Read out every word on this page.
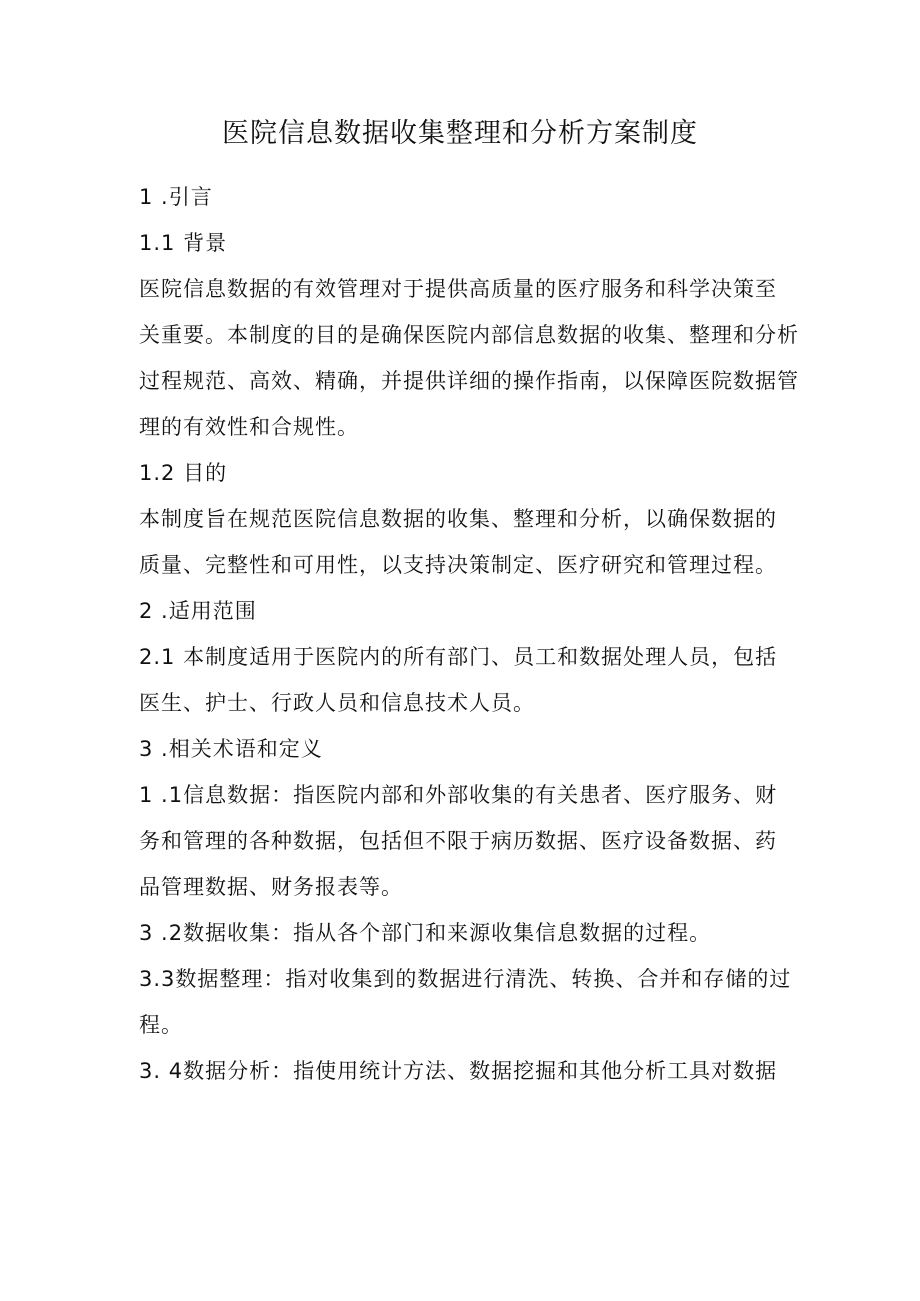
医院信息数据收集整理和分析方案制度
1 .引言
1.1 背景
医院信息数据的有效管理对于提供高质量的医疗服务和科学决策至
关重要。本制度的目的是确保医院内部信息数据的收集、整理和分析
过程规范、高效、精确，并提供详细的操作指南，以保障医院数据管
理的有效性和合规性。
1.2 目的
本制度旨在规范医院信息数据的收集、整理和分析，以确保数据的
质量、完整性和可用性，以支持决策制定、医疗研究和管理过程。
2 .适用范围
2.1 本制度适用于医院内的所有部门、员工和数据处理人员，包括
医生、护士、行政人员和信息技术人员。
3 .相关术语和定义
1 .1信息数据：指医院内部和外部收集的有关患者、医疗服务、财
务和管理的各种数据，包括但不限于病历数据、医疗设备数据、药
品管理数据、财务报表等。
3 .2数据收集：指从各个部门和来源收集信息数据的过程。
3.3数据整理：指对收集到的数据进行清洗、转换、合并和存储的过
程。
3. 4数据分析：指使用统计方法、数据挖掘和其他分析工具对数据
